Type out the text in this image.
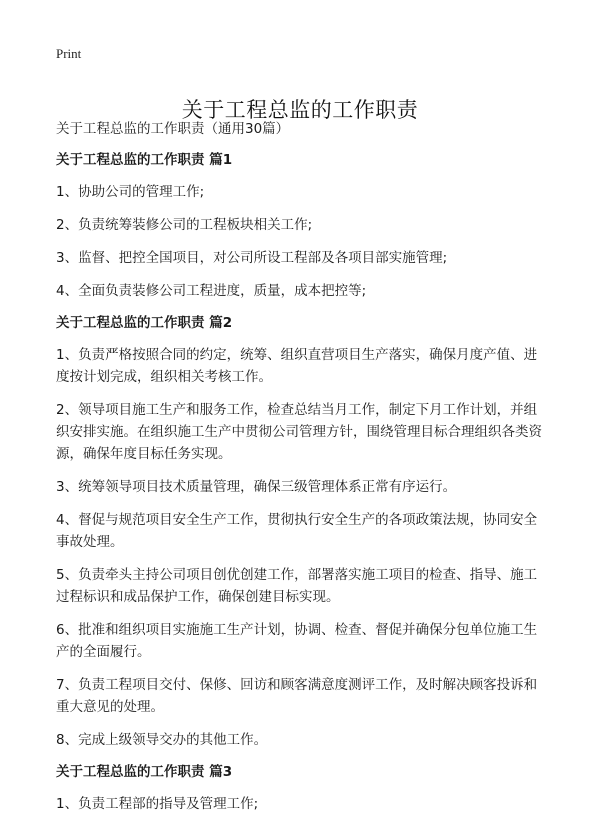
Print
关于工程总监的工作职责
关于工程总监的工作职责（通用30篇）
关于工程总监的工作职责 篇1

1、协助公司的管理工作;

2、负责统筹装修公司的工程板块相关工作;

3、监督、把控全国项目，对公司所设工程部及各项目部实施管理;

4、全面负责装修公司工程进度，质量，成本把控等;

关于工程总监的工作职责 篇2

1、负责严格按照合同的约定，统筹、组织直营项目生产落实，确保月度产值、进度按计划完成，组织相关考核工作。

2、领导项目施工生产和服务工作，检查总结当月工作，制定下月工作计划，并组织安排实施。在组织施工生产中贯彻公司管理方针，围绕管理目标合理组织各类资源，确保年度目标任务实现。

3、统筹领导项目技术质量管理，确保三级管理体系正常有序运行。

4、督促与规范项目安全生产工作，贯彻执行安全生产的各项政策法规，协同安全事故处理。

5、负责牵头主持公司项目创优创建工作，部署落实施工项目的检查、指导、施工过程标识和成品保护工作，确保创建目标实现。

6、批准和组织项目实施施工生产计划，协调、检查、督促并确保分包单位施工生产的全面履行。

7、负责工程项目交付、保修、回访和顾客满意度测评工作，及时解决顾客投诉和重大意见的处理。

8、完成上级领导交办的其他工作。

关于工程总监的工作职责 篇3

1、负责工程部的指导及管理工作;
